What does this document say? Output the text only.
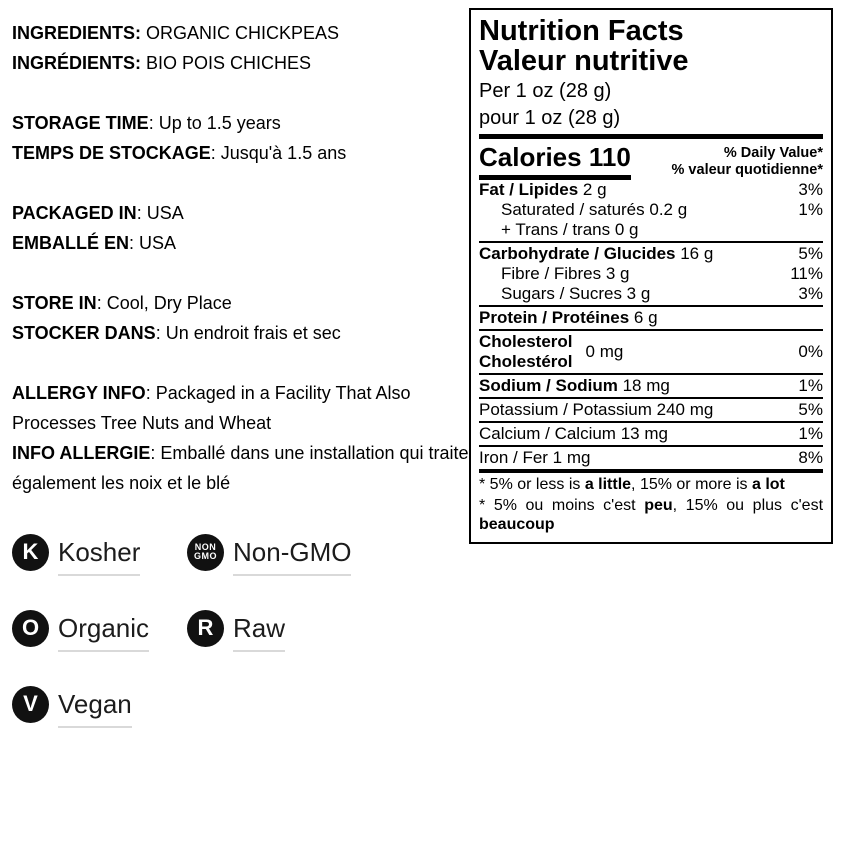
INGREDIENTS: ORGANIC CHICKPEAS
INGRÉDIENTS: BIO POIS CHICHES
STORAGE TIME: Up to 1.5 years
TEMPS DE STOCKAGE: Jusqu'à 1.5 ans
PACKAGED IN: USA
EMBALLÉ EN: USA
STORE IN: Cool, Dry Place
STOCKER DANS: Un endroit frais et sec
ALLERGY INFO: Packaged in a Facility That Also Processes Tree Nuts and Wheat
INFO ALLERGIE: Emballé dans une installation qui traite également les noix et le blé
K Kosher	NON
GMO Non-GMO
O Organic R Raw
V Vegan
Nutrition Facts
Valeur nutritive
Per 1 oz (28 g)
pour 1 oz (28 g)
Calories 110	% Daily Value*
% valeur quotidienne*
Fat / Lipides 2 g	3%
Saturated / saturés 0.2 g	1%
+ Trans / trans 0 g
Carbohydrate / Glucides 16 g	5%
Fibre / Fibres 3 g	11%
Sugars / Sucres 3 g	3%
Protein / Protéines 6 g
Cholesterol
Cholestérol
0 mg	0%
Sodium / Sodium 18 mg	1%
Potassium / Potassium 240 mg	5%
Calcium / Calcium 13 mg	1%
Iron / Fer 1 mg	8%
* 5% or less is a little, 15% or more is a lot
* 5% ou moins c'est peu, 15% ou plus c'est beaucoup
